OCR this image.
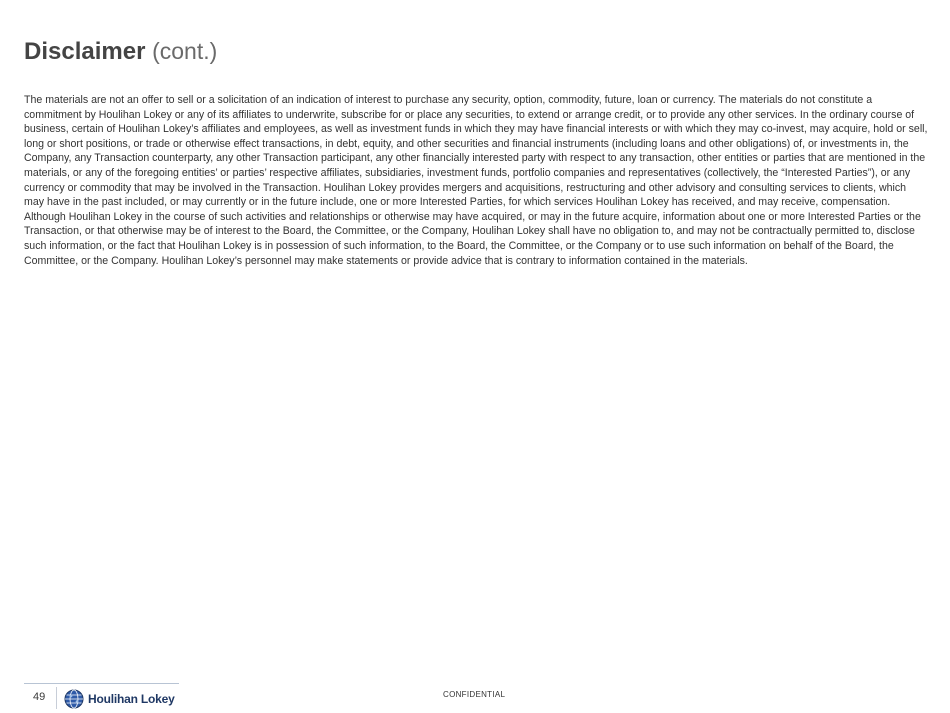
Disclaimer (cont.)

The materials are not an offer to sell or a solicitation of an indication of interest to purchase any security, option, commodity, future, loan or currency. The materials do not constitute a commitment by Houlihan Lokey or any of its affiliates to underwrite, subscribe for or place any securities, to extend or arrange credit, or to provide any other services. In the ordinary course of business, certain of Houlihan Lokey’s affiliates and employees, as well as investment funds in which they may have financial interests or with which they may co-invest, may acquire, hold or sell, long or short positions, or trade or otherwise effect transactions, in debt, equity, and other securities and financial instruments (including loans and other obligations) of, or investments in, the Company, any Transaction counterparty, any other Transaction participant, any other financially interested party with respect to any transaction, other entities or parties that are mentioned in the materials, or any of the foregoing entities’ or parties’ respective affiliates, subsidiaries, investment funds, portfolio companies and representatives (collectively, the “Interested Parties”), or any currency or commodity that may be involved in the Transaction. Houlihan Lokey provides mergers and acquisitions, restructuring and other advisory and consulting services to clients, which may have in the past included, or may currently or in the future include, one or more Interested Parties, for which services Houlihan Lokey has received, and may receive, compensation. Although Houlihan Lokey in the course of such activities and relationships or otherwise may have acquired, or may in the future acquire, information about one or more Interested Parties or the Transaction, or that otherwise may be of interest to the Board, the Committee, or the Company, Houlihan Lokey shall have no obligation to, and may not be contractually permitted to, disclose such information, or the fact that Houlihan Lokey is in possession of such information, to the Board, the Committee, or the Company or to use such information on behalf of the Board, the Committee, or the Company. Houlihan Lokey’s personnel may make statements or provide advice that is contrary to information contained in the materials.

49	Houlihan Lokey	CONFIDENTIAL
